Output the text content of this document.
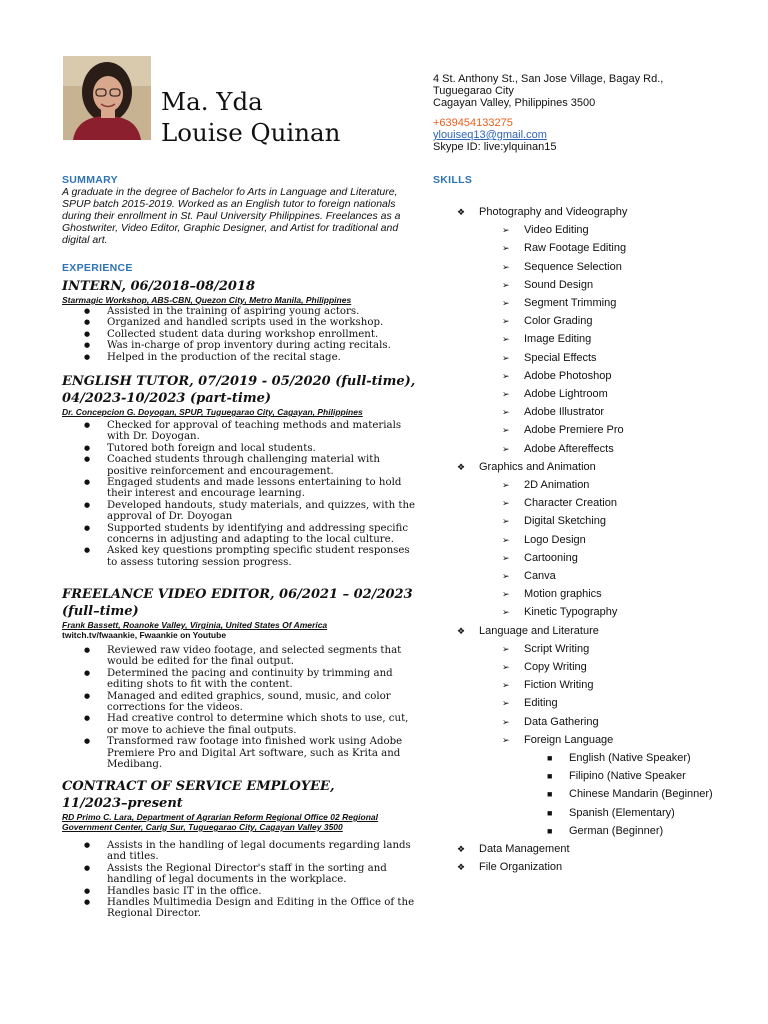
Ma. Yda
Louise Quinan
4 St. Anthony St., San Jose Village, Bagay Rd.,
Tuguegarao City
Cagayan Valley, Philippines 3500
+639454133275
ylouiseq13@gmail.com
Skype ID: live:ylquinan15
SUMMARY
A graduate in the degree of Bachelor fo Arts in Language and Literature, SPUP batch 2015-2019. Worked as an English tutor to foreign nationals during their enrollment in St. Paul University Philippines. Freelances as a Ghostwriter, Video Editor, Graphic Designer, and Artist for traditional and digital art.
EXPERIENCE
INTERN, 06/2018–08/2018
Starmagic Workshop, ABS-CBN, Quezon City, Metro Manila, Philippines
● Assisted in the training of aspiring young actors.
● Organized and handled scripts used in the workshop.
● Collected student data during workshop enrollment.
● Was in-charge of prop inventory during acting recitals.
● Helped in the production of the recital stage.
ENGLISH TUTOR, 07/2019 - 05/2020 (full-time), 04/2023-10/2023 (part-time)
Dr. Concepcion G. Doyogan, SPUP, Tuguegarao City, Cagayan, Philippines
● Checked for approval of teaching methods and materials with Dr. Doyogan.
● Tutored both foreign and local students.
● Coached students through challenging material with positive reinforcement and encouragement.
● Engaged students and made lessons entertaining to hold their interest and encourage learning.
● Developed handouts, study materials, and quizzes, with the approval of Dr. Doyogan
● Supported students by identifying and addressing specific concerns in adjusting and adapting to the local culture.
● Asked key questions prompting specific student responses to assess tutoring session progress.
FREELANCE VIDEO EDITOR, 06/2021 – 02/2023 (full–time)
Frank Bassett, Roanoke Valley, Virginia, United States Of America
twitch.tv/fwaankie, Fwaankie on Youtube
● Reviewed raw video footage, and selected segments that would be edited for the final output.
● Determined the pacing and continuity by trimming and editing shots to fit with the content.
● Managed and edited graphics, sound, music, and color corrections for the videos.
● Had creative control to determine which shots to use, cut, or move to achieve the final outputs.
● Transformed raw footage into finished work using Adobe Premiere Pro and Digital Art software, such as Krita and Medibang.
CONTRACT OF SERVICE EMPLOYEE, 11/2023–present
RD Primo C. Lara, Department of Agrarian Reform Regional Office 02 Regional Government Center, Carig Sur, Tuguegarao City, Cagayan Valley 3500
● Assists in the handling of legal documents regarding lands and titles.
● Assists the Regional Director's staff in the sorting and handling of legal documents in the workplace.
● Handles basic IT in the office.
● Handles Multimedia Design and Editing in the Office of the Regional Director.
SKILLS
❖ Photography and Videography
➢ Video Editing
➢ Raw Footage Editing
➢ Sequence Selection
➢ Sound Design
➢ Segment Trimming
➢ Color Grading
➢ Image Editing
➢ Special Effects
➢ Adobe Photoshop
➢ Adobe Lightroom
➢ Adobe Illustrator
➢ Adobe Premiere Pro
➢ Adobe Aftereffects
❖ Graphics and Animation
➢ 2D Animation
➢ Character Creation
➢ Digital Sketching
➢ Logo Design
➢ Cartooning
➢ Canva
➢ Motion graphics
➢ Kinetic Typography
❖ Language and Literature
➢ Script Writing
➢ Copy Writing
➢ Fiction Writing
➢ Editing
➢ Data Gathering
➢ Foreign Language
■ English (Native Speaker)
■ Filipino (Native Speaker
■ Chinese Mandarin (Beginner)
■ Spanish (Elementary)
■ German (Beginner)
❖ Data Management
❖ File Organization
